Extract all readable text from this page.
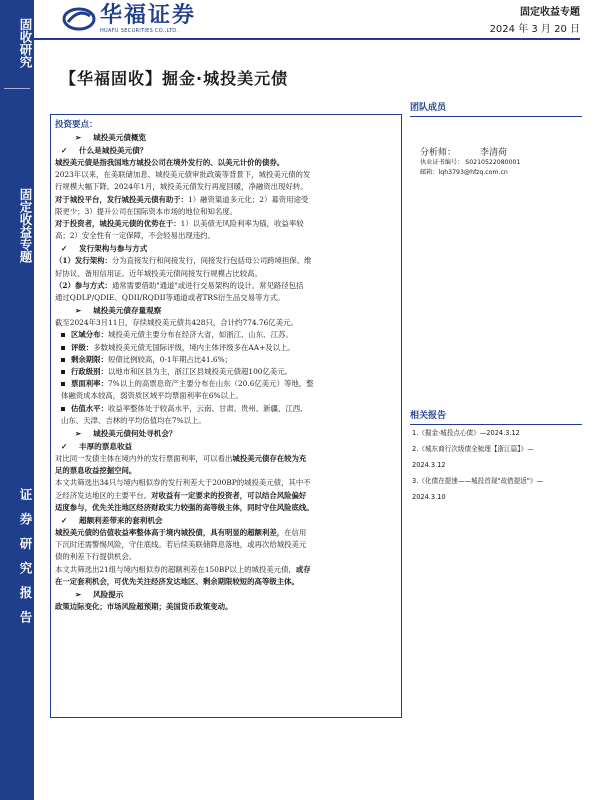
固收研究
固定收益专题
证券研究报告
华福证券
HUAFU SECURITIES CO.,LTD.
固定收益专题
2024 年 3 月 20 日
【华福固收】掘金·城投美元债
投资要点：
➢ 城投美元债概览
✓ 什么是城投美元债？
城投美元债是指我国地方城投公司在境外发行的、以美元计价的债券。
2023年以来，在美联储加息、城投美元债审批政策等背景下，城投美元债的发
行规模大幅下降。2024年1月，城投美元债发行再度回暖，净融资出现好转。
对于城投平台，发行城投美元债有助于：1）融资渠道多元化；2）募资用途受
限更少；3）提升公司在国际资本市场的地位和知名度。
对于投资者，城投美元债的优势在于：1）以美债无风险利率为锚，收益率较
高；2）安全性有一定保障，不会轻易出现违约。
✓ 发行架构与参与方式
（1）发行架构：分为直接发行和间接发行，间接发行包括母公司跨境担保、维
好协议、备用信用证。近年城投美元债间接发行规模占比较高。
（2）参与方式：通常需要借助"通道"或进行交易架构的设计。常见路径包括
通过QDLP/QDIE、QDII/RQDII等通道或者TRS衍生品交易等方式。
➢ 城投美元债存量观察
截至2024年3月11日，存续城投美元债共428只，合计约774.76亿美元。
区域分布：城投美元债主要分布在经济大省，如浙江、山东、江苏。
评级：多数城投美元债无国际评级，境内主体评级多在AA+及以上。
剩余期限：短债比例较高，0-1年期占比41.6%；
行政级别：以地市和区县为主，浙江区县城投美元债超100亿美元。
票面利率：7%以上的高票息资产主要分布在山东（20.6亿美元）等地，整
体融资成本较高，弱资质区域平均票面利率在6%以上。
估值水平：收益率整体处于较高水平，云南、甘肃、贵州、新疆、江西、
山东、天津、吉林的平均估值均在7%以上。
➢ 城投美元债何处寻机会？
✓ 丰厚的票息收益
对比同一发债主体在境内外的发行票面利率，可以看出城投美元债存在较为充
足的票息收益挖掘空间。
本文共筛选出34只与境内相似券的发行利差大于200BP的城投美元债，其中不
乏经济发达地区的主要平台。对收益有一定要求的投资者，可以结合风险偏好
适度参与，优先关注地区经济财政实力较强的高等级主体，同时守住风险底线。
✓ 超额利差带来的套利机会
城投美元债的估值收益率整体高于境内城投债，具有明显的超额利差，在信用
下沉时还需警惕风险，守住底线。若后续美联储降息落地，或再次给城投美元
债的利差下行提供机会。
本文共筛选出21组与境内相似券的超额利差在150BP以上的城投美元债，或存
在一定套利机会，可优先关注经济发达地区、剩余期限较短的高等级主体。
➢ 风险提示
政策边际变化；市场风险超预期；美国货币政策变动。
团队成员
分析师：	李清荷
执业证书编号： S0210522080001
邮箱：lqh3793@hfzq.com.cn
相关报告
1.《掘金·城投点心债》—2024.3.12
2.《城东商行次级债全梳理【浙江篇】》—
2024.3.12
3.《化债在提速——城投首现"故借提返"》—
2024.3.10
